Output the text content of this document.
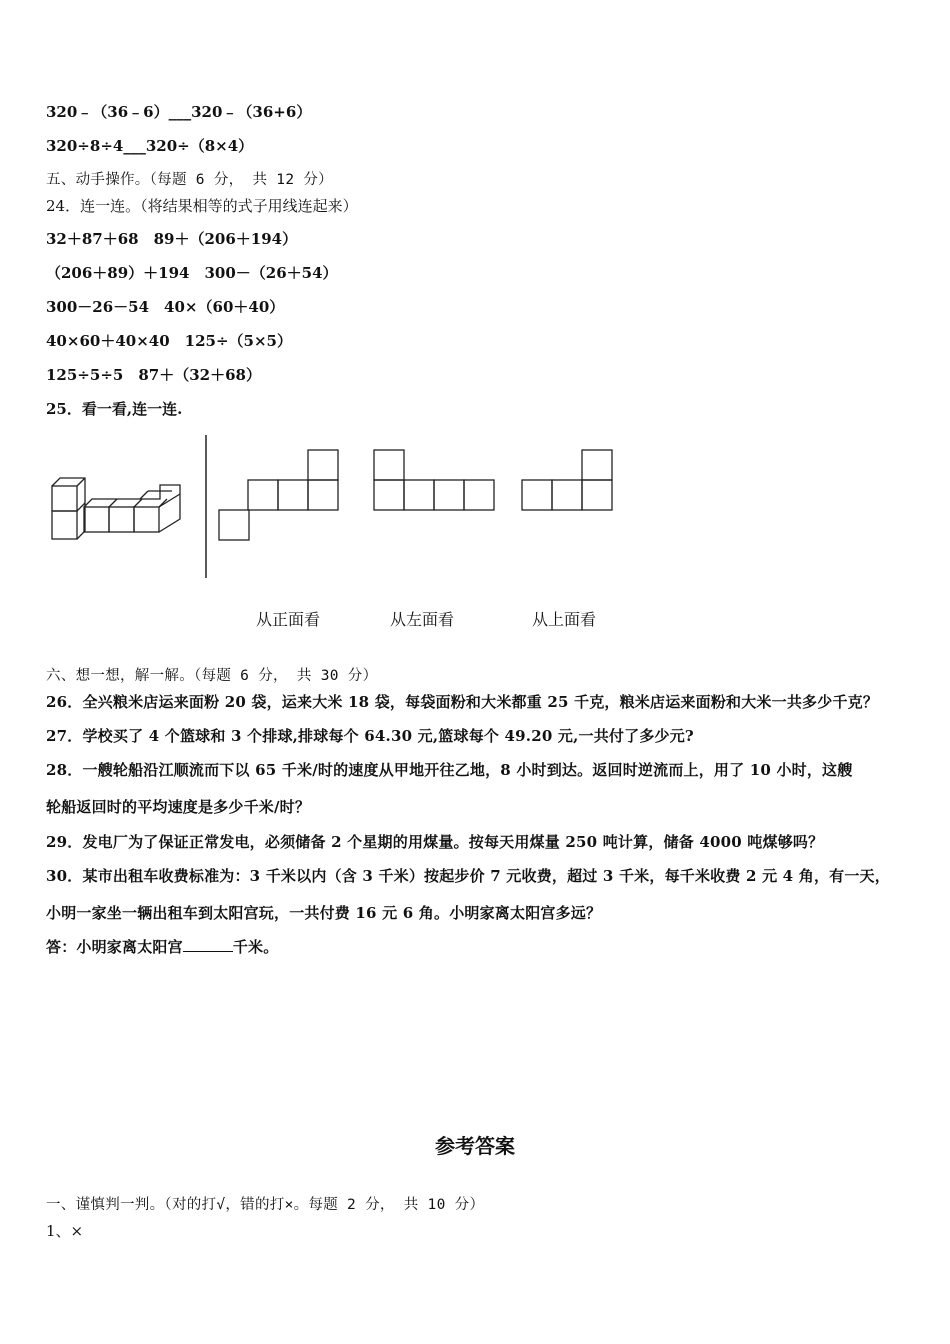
320﹣（36﹣6）___320﹣（36+6）
320÷8÷4___320÷（8×4）
五、动手操作。（每题 6 分， 共 12 分）
24．连一连。（将结果相等的式子用线连起来）
32＋87＋68　89＋（206＋194）
（206＋89）＋194　300－（26＋54）
300－26－54　40×（60＋40）
40×60＋40×40　125÷（5×5）
125÷5÷5　87＋（32＋68）
25．看一看,连一连.
从正面看	从左面看	从上面看
六、想一想，解一解。（每题 6 分， 共 30 分）
26．全兴粮米店运来面粉 20 袋，运来大米 18 袋，每袋面粉和大米都重 25 千克，粮米店运来面粉和大米一共多少千克？
27．学校买了 4 个篮球和 3 个排球,排球每个 64.30 元,篮球每个 49.20 元,一共付了多少元?
28．一艘轮船沿江顺流而下以 65 千米/时的速度从甲地开往乙地，8 小时到达。返回时逆流而上，用了 10 小时，这艘
轮船返回时的平均速度是多少千米/时？
29．发电厂为了保证正常发电，必须储备 2 个星期的用煤量。按每天用煤量 250 吨计算，储备 4000 吨煤够吗？
30．某市出租车收费标准为：3 千米以内（含 3 千米）按起步价 7 元收费，超过 3 千米，每千米收费 2 元 4 角，有一天，
小明一家坐一辆出租车到太阳宫玩，一共付费 16 元 6 角。小明家离太阳宫多远？
答：小明家离太阳宫	千米。
参考答案
一、谨慎判一判。（对的打√，错的打×。每题 2 分， 共 10 分）
1、×
